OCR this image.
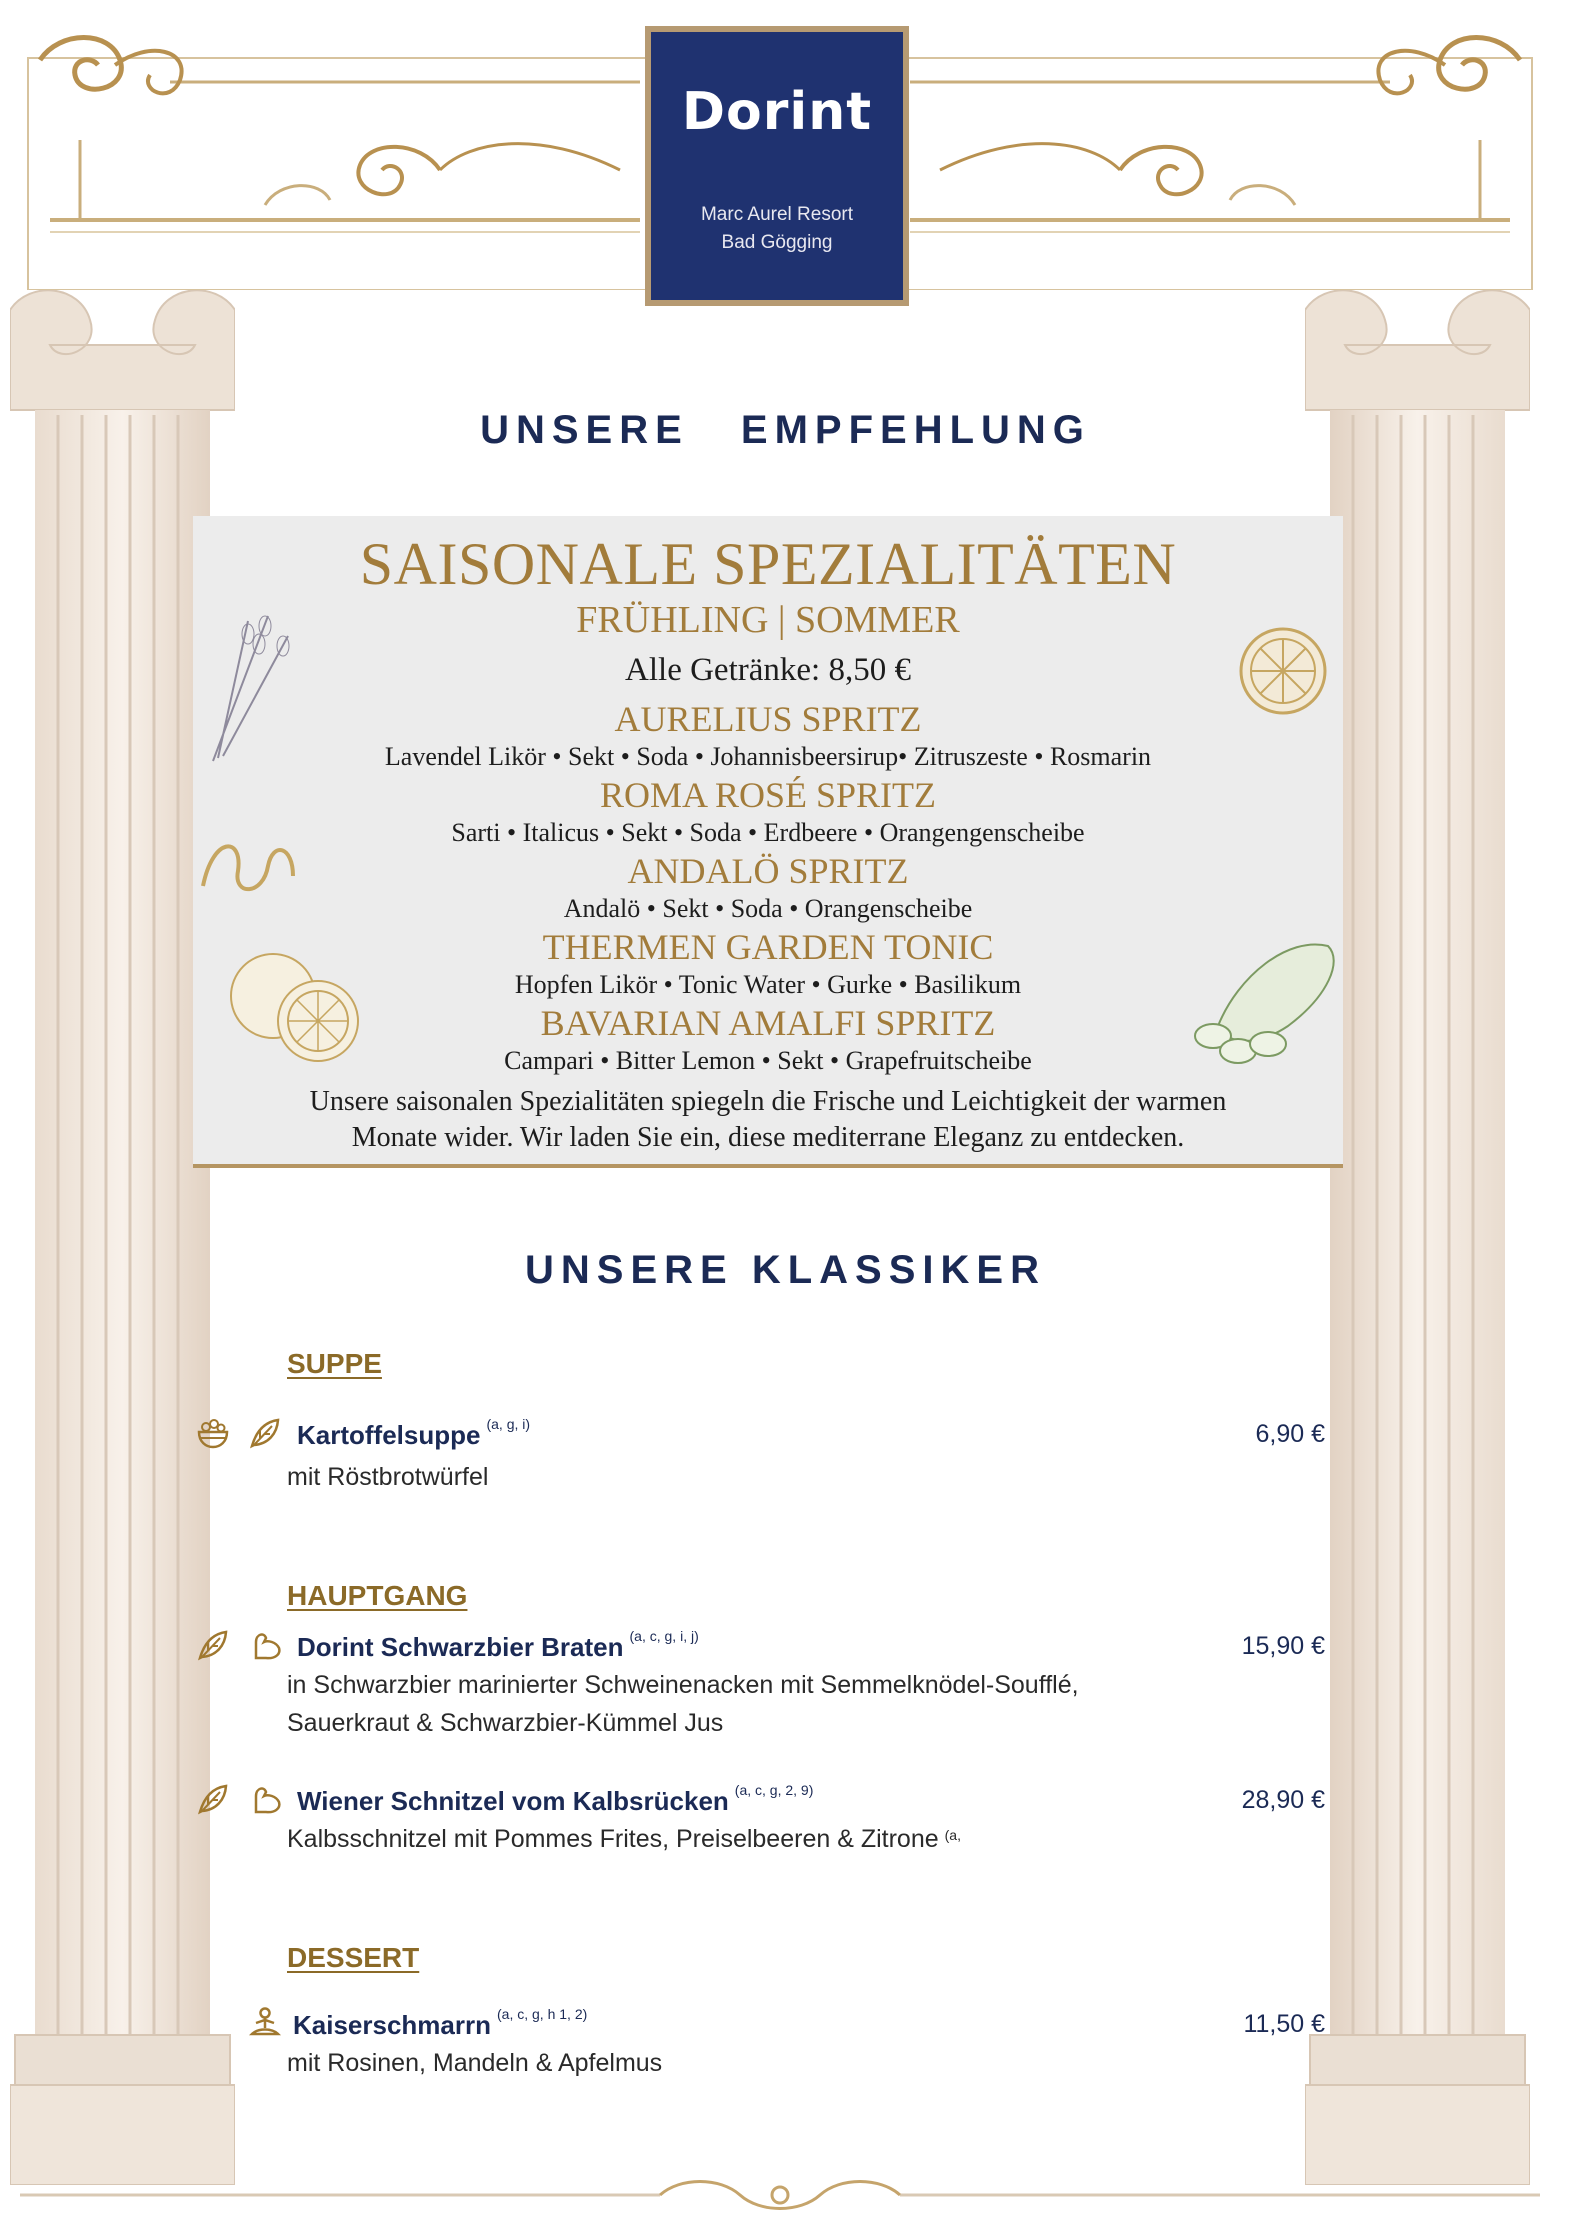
Dorint
Marc Aurel Resort
Bad Gögging
UNSERE EMPFEHLUNG
SAISONALE SPEZIALITÄTEN
FRÜHLING | SOMMER
Alle Getränke: 8,50 €
AURELIUS SPRITZ
Lavendel Likör • Sekt • Soda • Johannisbeersirup• Zitruszeste • Rosmarin
ROMA ROSÉ SPRITZ
Sarti • Italicus • Sekt • Soda • Erdbeere • Orangengenscheibe
ANDALÖ SPRITZ
Andalö • Sekt • Soda • Orangenscheibe
THERMEN GARDEN TONIC
Hopfen Likör • Tonic Water • Gurke • Basilikum
BAVARIAN AMALFI SPRITZ
Campari • Bitter Lemon • Sekt • Grapefruitscheibe
Unsere saisonalen Spezialitäten spiegeln die Frische und Leichtigkeit der warmen
Monate wider. Wir laden Sie ein, diese mediterrane Eleganz zu entdecken.
UNSERE KLASSIKER
SUPPE
Kartoffelsuppe $^{(a, g, i)}$	6,90 €
mit Röstbrotwürfel
HAUPTGANG
Dorint Schwarzbier Braten $^{(a, c, g, i, j)}$	15,90 €
in Schwarzbier marinierter Schweinenacken mit Semmelknödel-Soufflé,
Sauerkraut & Schwarzbier-Kümmel Jus
Wiener Schnitzel vom Kalbsrücken $^{(a, c, g, 2, 9)}$	28,90 €
Kalbsschnitzel mit Pommes Frites, Preiselbeeren & Zitrone $^{(a,}$
DESSERT
Kaiserschmarrn $^{(a, c, g, h 1, 2)}$	11,50 €
mit Rosinen, Mandeln & Apfelmus
